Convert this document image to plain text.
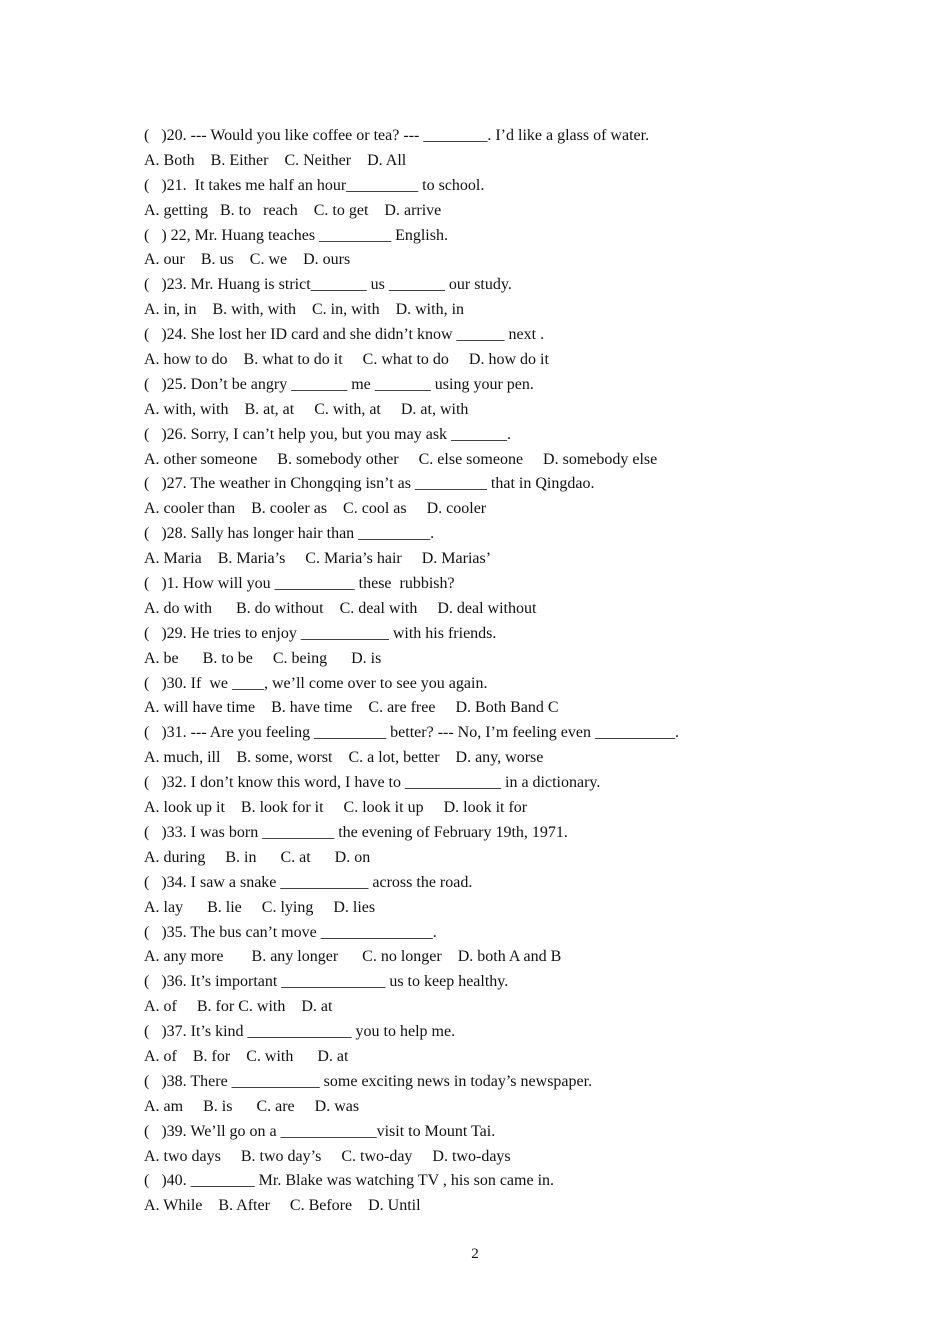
(   )20. --- Would you like coffee or tea? --- ________. I’d like a glass of water.
A. Both    B. Either    C. Neither    D. All
(   )21.  It takes me half an hour_________ to school.
A. getting   B. to   reach    C. to get    D. arrive
(   ) 22, Mr. Huang teaches _________ English.
A. our    B. us    C. we    D. ours
(   )23. Mr. Huang is strict_______ us _______ our study.
A. in, in    B. with, with    C. in, with    D. with, in
(   )24. She lost her ID card and she didn’t know ______ next .
A. how to do    B. what to do it     C. what to do     D. how do it
(   )25. Don’t be angry _______ me _______ using your pen.
A. with, with    B. at, at     C. with, at     D. at, with
(   )26. Sorry, I can’t help you, but you may ask _______.
A. other someone     B. somebody other     C. else someone     D. somebody else
(   )27. The weather in Chongqing isn’t as _________ that in Qingdao.
A. cooler than    B. cooler as    C. cool as     D. cooler
(   )28. Sally has longer hair than _________.
A. Maria    B. Maria’s     C. Maria’s hair     D. Marias’
(   )1. How will you __________ these  rubbish?
A. do with      B. do without    C. deal with     D. deal without
(   )29. He tries to enjoy ___________ with his friends.
A. be      B. to be     C. being      D. is
(   )30. If  we ____, we’ll come over to see you again.
A. will have time    B. have time    C. are free     D. Both Band C
(   )31. --- Are you feeling _________ better? --- No, I’m feeling even __________.
A. much, ill    B. some, worst    C. a lot, better    D. any, worse
(   )32. I don’t know this word, I have to ____________ in a dictionary.
A. look up it    B. look for it     C. look it up     D. look it for
(   )33. I was born _________ the evening of February 19th, 1971.
A. during     B. in      C. at      D. on
(   )34. I saw a snake ___________ across the road.
A. lay      B. lie     C. lying     D. lies
(   )35. The bus can’t move ______________.
A. any more       B. any longer      C. no longer    D. both A and B
(   )36. It’s important _____________ us to keep healthy.
A. of     B. for C. with    D. at
(   )37. It’s kind _____________ you to help me.
A. of    B. for    C. with      D. at
(   )38. There ___________ some exciting news in today’s newspaper.
A. am     B. is      C. are     D. was
(   )39. We’ll go on a ____________visit to Mount Tai.
A. two days     B. two day’s     C. two-day     D. two-days
(   )40. ________ Mr. Blake was watching TV , his son came in.
A. While    B. After     C. Before    D. Until
2
